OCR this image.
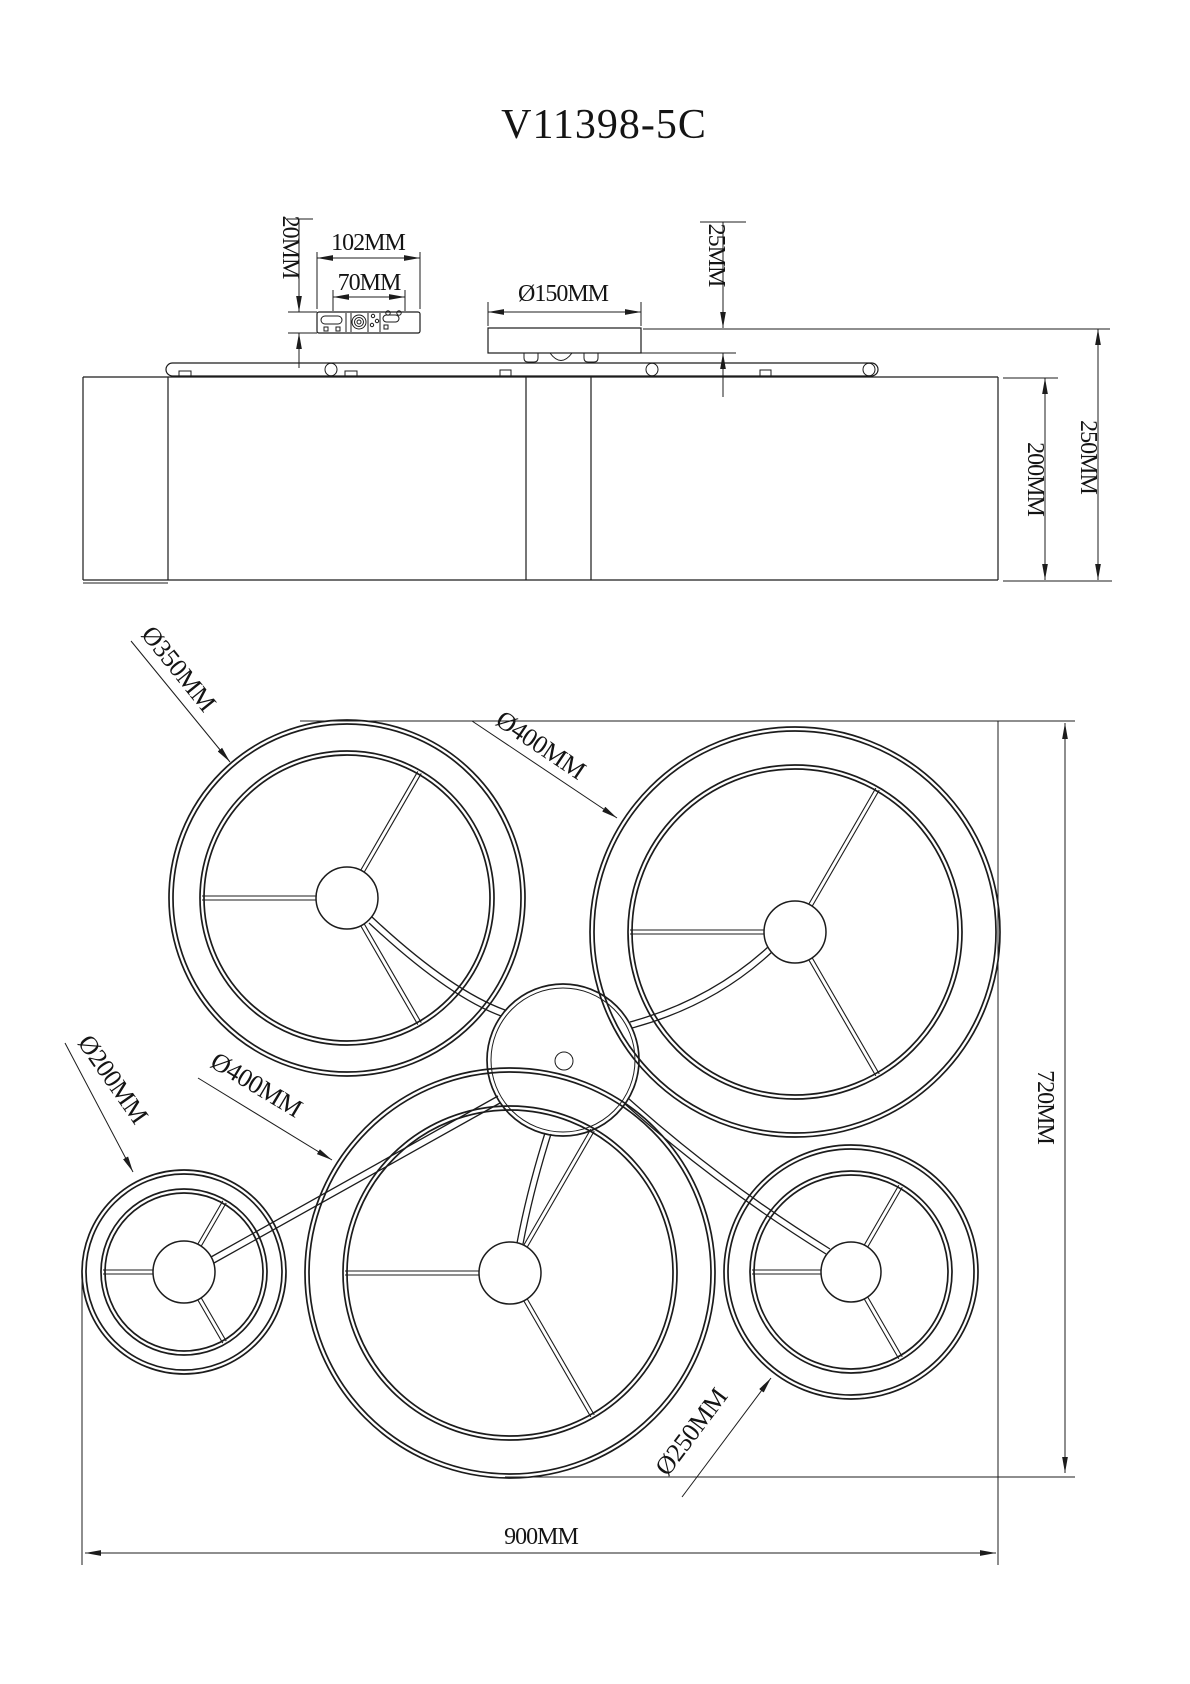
V11398-5C
102MM
70MM
20MM
Ø150MM
25MM
200MM 250MM
Ø350MM
Ø400MM
Ø200MM Ø400MM
Ø250MM
720MM
900MM
